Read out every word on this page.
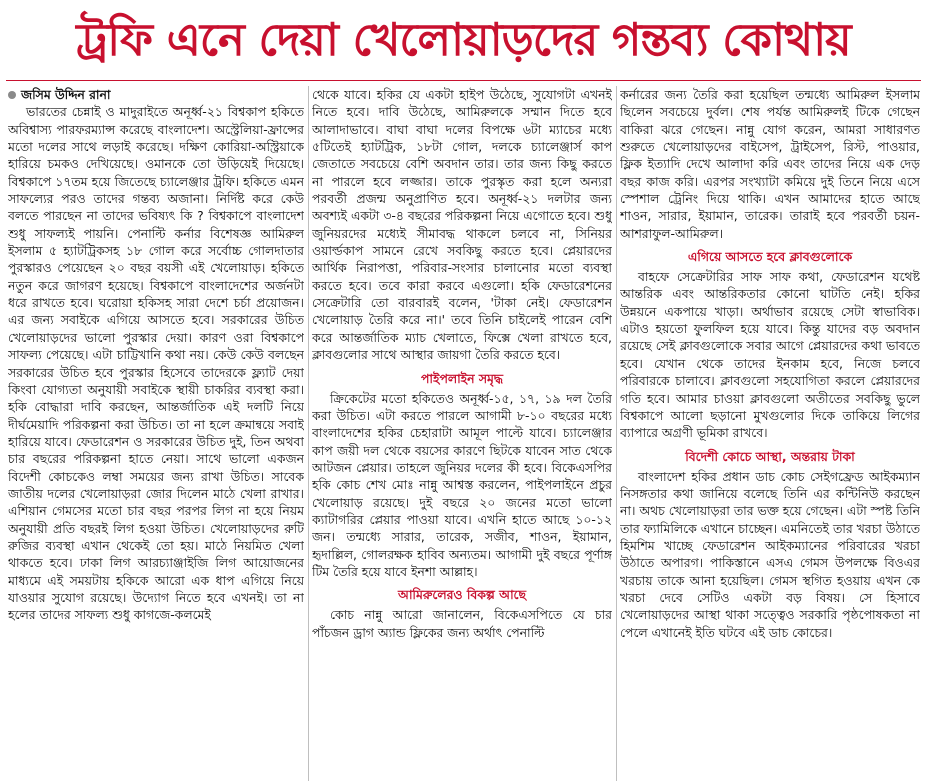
ট্রফি এনে দেয়া খেলোয়াড়দের গন্তব্য কোথায়
জসিম উদ্দিন রানা

ভারতের চেন্নাই ও মাদুরাইতে অনূর্ধ্ব-২১ বিশ্বকাপ হকিতে অবিশ্বাস্য পারফরম্যান্স করেছে বাংলাদেশ। অস্ট্রেলিয়া-ফ্রান্সের মতো দলের সাথে লড়াই করেছে। দক্ষিণ কোরিয়া-অস্ট্রিয়াকে হারিয়ে চমকও দেখিয়েছে। ওমানকে তো উড়িয়েই দিয়েছে। বিশ্বকাপে ১৭তম হয়ে জিতেছে চ্যালেঞ্জার ট্রফি। হকিতে এমন সাফল্যের পরও তাদের গন্তব্য অজানা। নির্দিষ্ট করে কেউ বলতে পারছেন না তাদের ভবিষ্যৎ কি ? বিশ্বকাপে বাংলাদেশ শুধু সাফল্যই পায়নি। পেনাল্টি কর্নার বিশেষজ্ঞ আমিরুল ইসলাম ৫ হ্যাটট্রিকসহ ১৮ গোল করে সর্বোচ্চ গোলদাতার পুরস্কারও পেয়েছেন ২০ বছর বয়সী এই খেলোয়াড়। হকিতে নতুন করে জাগরণ হয়েছে। বিশ্বকাপে বাংলাদেশের অর্জনটা ধরে রাখতে হবে। ঘরোয়া হকিসহ সারা দেশে চর্চা প্রয়োজন। এর জন্য সবাইকে এগিয়ে আসতে হবে। সরকারের উচিত খেলোয়াড়দের ভালো পুরস্কার দেয়া। কারণ ওরা বিশ্বকাপে সাফল্য পেয়েছে। এটা চাট্টিখানি কথা নয়। কেউ কেউ বলছেন সরকারের উচিত হবে পুরস্কার হিসেবে তাদেরকে ফ্ল্যাট দেয়া কিংবা যোগ্যতা অনুযায়ী সবাইকে স্থায়ী চাকরির ব্যবস্থা করা। হকি বোদ্ধারা দাবি করছেন, আন্তর্জাতিক এই দলটি নিয়ে দীর্ঘমেয়াদি পরিকল্পনা করা উচিত। তা না হলে ক্রমান্বয়ে সবাই হারিয়ে যাবে। ফেডারেশন ও সরকারের উচিত দুই, তিন অথবা চার বছরের পরিকল্পনা হাতে নেয়া। সাথে ভালো একজন বিদেশী কোচকেও লম্বা সময়ের জন্য রাখা উচিত। সাবেক জাতীয় দলের খেলোয়াড়রা জোর দিলেন মাঠে খেলা রাখার। এশিয়ান গেমসের মতো চার বছর পরপর লিগ না হয়ে নিয়ম অনুযায়ী প্রতি বছরই লিগ হওয়া উচিত। খেলোয়াড়দের রুটি রুজির ব্যবস্থা এখান থেকেই তো হয়। মাঠে নিয়মিত খেলা থাকতে হবে। ঢাকা লিগ আরচ্যাঞ্জাইজি লিগ আয়োজনের মাধ্যমে এই সময়টায় হকিকে আরো এক ধাপ এগিয়ে নিয়ে যাওয়ার সুযোগ রয়েছে। উদ্যোগ নিতে হবে এখনই। তা না হলের তাদের সাফল্য শুধু কাগজে-কলমেই

থেকে যাবে। হকির যে একটা হাইপ উঠেছে, সুযোগটা এখনই নিতে হবে। দাবি উঠেছে, আমিরুলকে সম্মান দিতে হবে আলাদাভাবে। বাঘা বাঘা দলের বিপক্ষে ৬টা ম্যাচের মধ্যে ৫টিতেই হ্যাটট্রিক, ১৮টা গোল, দলকে চ্যালেঞ্জার্স কাপ জেতাতে সবচেয়ে বেশি অবদান তার। তার জন্য কিছু করতে না পারলে হবে লজ্জার। তাকে পুরস্কৃত করা হলে অন্যরা পরবর্তী প্রজন্ম অনুপ্রাণিত হবে। অনূর্ধ্ব-২১ দলটার জন্য অবশ্যই একটা ৩-৪ বছরের পরিকল্পনা নিয়ে এগোতে হবে। শুধু জুনিয়রদের মধ্যেই সীমাবদ্ধ থাকলে চলবে না, সিনিয়র ওয়ার্ল্ডকাপ সামনে রেখে সবকিছু করতে হবে। প্লেয়ারদের আর্থিক নিরাপত্তা, পরিবার-সংসার চালানোর মতো ব্যবস্থা করতে হবে। তবে কারা করবে এগুলো। হকি ফেডারেশনের সেক্রেটারি তো বারবারই বলেন, 'টাকা নেই। ফেডারেশন খেলোয়াড় তৈরি করে না।' তবে তিনি চাইলেই পারেন বেশি করে আন্তর্জাতিক ম্যাচ খেলাতে, ফিক্সে খেলা রাখতে হবে, ক্লাবগুলোর সাথে আস্থার জায়গা তৈরি করতে হবে।

পাইপলাইন সমৃদ্ধ

ক্রিকেটের মতো হকিতেও অনূর্ধ্ব-১৫, ১৭, ১৯ দল তৈরি করা উচিত। এটা করতে পারলে আগামী ৮-১০ বছরের মধ্যে বাংলাদেশের হকির চেহারাটা আমূল পাল্টে যাবে। চ্যালেঞ্জার কাপ জয়ী দল থেকে বয়সের কারণে ছিটকে যাবেন সাত থেকে আটজন প্লেয়ার। তাহলে জুনিয়র দলের কী হবে। বিকেএসপির হকি কোচ শেখ মোঃ নান্নু আশ্বস্ত করলেন, পাইপলাইনে প্রচুর খেলোয়াড় রয়েছে। দুই বছরে ২০ জনের মতো ভালো ক্যাটাগরির প্লেয়ার পাওয়া যাবে। এখনি হাতে আছে ১০-১২ জন। তন্মধ্যে সারার, তারেক, সজীব, শাওন, ইয়ামান, হৃদাল্লিল, গোলরক্ষক হাবিব অন্যতম। আগামী দুই বছরে পূর্ণাঙ্গ টিম তৈরি হয়ে যাবে ইনশা আল্লাহ।

আমিরুলেরও বিকল্প আছে

কোচ নান্নু আরো জানালেন, বিকেএসপিতে যে চার পাঁচজন ড্রাগ অ্যান্ড ফ্লিকের জন্য অর্থাৎ পেনাল্টি

কর্নারের জন্য তৈরি করা হয়েছিল তন্মধ্যে আমিরুল ইসলাম ছিলেন সবচেয়ে দুর্বল। শেষ পর্যন্ত আমিরুলই টিকে গেছেন বাকিরা ঝরে গেছেন। নান্নু যোগ করেন, আমরা সাধারণত শুরুতে খেলোয়াড়দের বাইসেপ, ট্রাইসেপ, রিস্ট, পাওয়ার, ফ্লিক ইত্যাদি দেখে আলাদা করি এবং তাদের নিয়ে এক দেড় বছর কাজ করি। এরপর সংখ্যাটা কমিয়ে দুই তিনে নিয়ে এসে স্পেশাল ট্রেনিং দিয়ে থাকি। এখন আমাদের হাতে আছে শাওন, সারার, ইয়ামান, তারেক। তারাই হবে পরবর্তী চয়ন-আশরাফুল-আমিরুল।

এগিয়ে আসতে হবে ক্লাবগুলোকে

বাহফে সেক্রেটারির সাফ সাফ কথা, ফেডারেশন যথেষ্ট আন্তরিক এবং আন্তরিকতার কোনো ঘাটতি নেই। হকির উন্নয়নে একপায়ে খাড়া। অর্থাভাব রয়েছে সেটা স্বাভাবিক। এটাও হয়তো ফুলফিল হয়ে যাবে। কিন্তু যাদের বড় অবদান রয়েছে সেই ক্লাবগুলোকে সবার আগে প্লেয়ারদের কথা ভাবতে হবে। যেখান থেকে তাদের ইনকাম হবে, নিজে চলবে পরিবারকে চালাবে। ক্লাবগুলো সহযোগিতা করলে প্লেয়ারদের গতি হবে। আমার চাওয়া ক্লাবগুলো অতীতের সবকিছু ভুলে বিশ্বকাপে আলো ছড়ানো মুখগুলোর দিকে তাকিয়ে লিগের ব্যাপারে অগ্রণী ভূমিকা রাখবে।

বিদেশী কোচে আস্থা, অন্তরায় টাকা

বাংলাদেশ হকির প্রধান ডাচ কোচ সেইগফ্রেড আইকম্যান নিসঙ্গতার কথা জানিয়ে বলেছে তিনি এর কন্টিনিউ করছেন না। অথচ খেলোয়াড়রা তার ভক্ত হয়ে গেছেন। এটা স্পষ্ট তিনি তার ফ্যামিলিকে এখানে চাচ্ছেন। এমনিতেই তার খরচা উঠাতে হিমশিম খাচ্ছে ফেডারেশন আইকম্যানের পরিবারের খরচা উঠাতে অপারগ। পাকিস্তানে এসএ গেমস উপলক্ষে বিওএর খরচায় তাকে আনা হয়েছিল। গেমস স্থগিত হওয়ায় এখন কে খরচা দেবে সেটিও একটা বড় বিষয়। সে হিসাবে খেলোয়াড়দের আস্থা থাকা সত্ত্বেও সরকারি পৃষ্ঠপোষকতা না পেলে এখানেই ইতি ঘটবে এই ডাচ কোচের।
